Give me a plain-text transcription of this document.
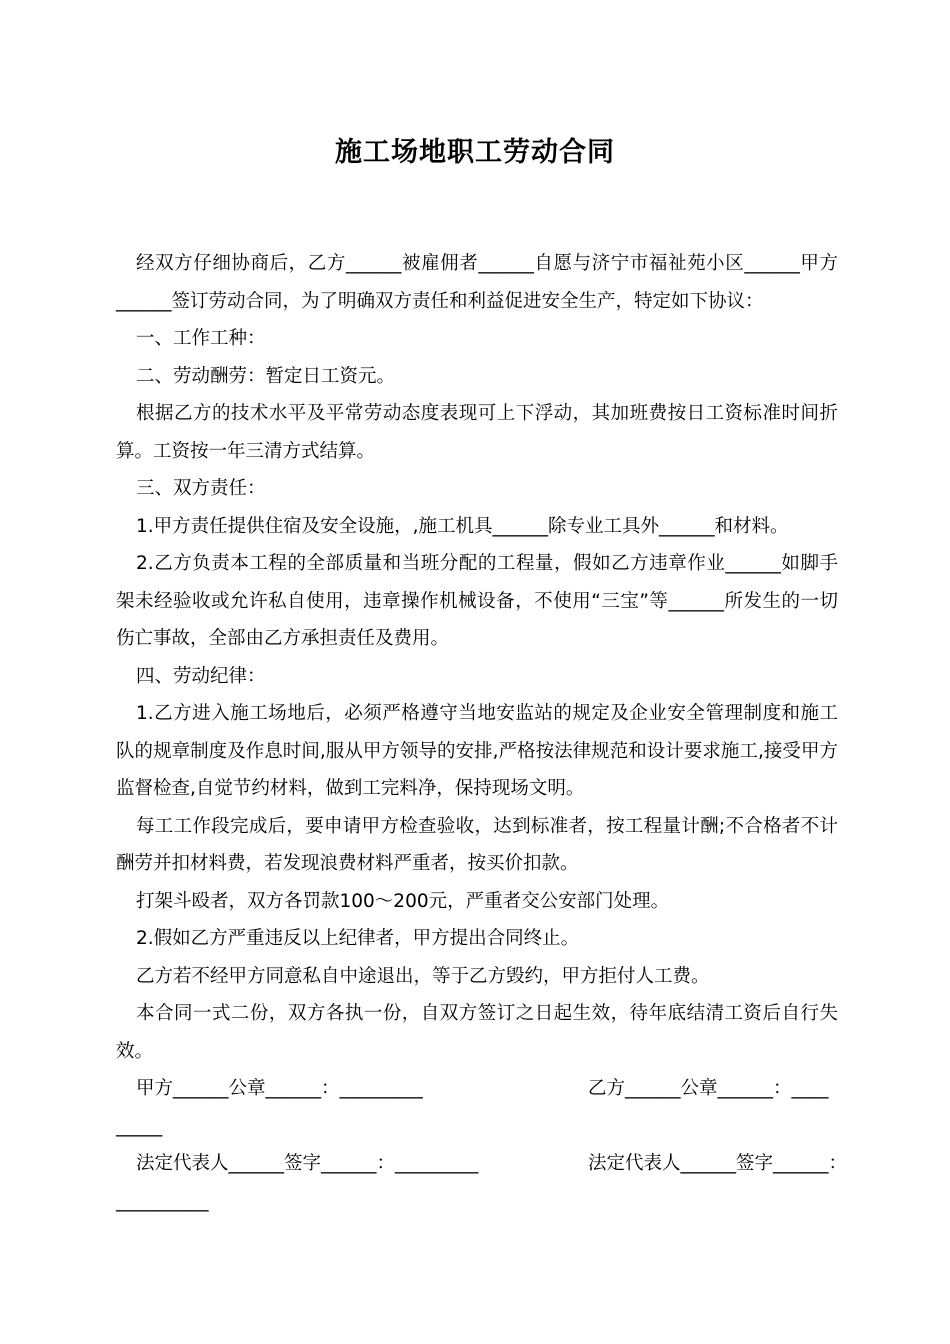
施工场地职工劳动合同

经双方仔细协商后，乙方______被雇佣者______自愿与济宁市福祉苑小区______甲方______签订劳动合同，为了明确双方责任和利益促进安全生产，特定如下协议：

一、工作工种：

二、劳动酬劳：暂定日工资元。

根据乙方的技术水平及平常劳动态度表现可上下浮动，其加班费按日工资标准时间折算。工资按一年三清方式结算。

三、双方责任：

1.甲方责任提供住宿及安全设施，,施工机具______除专业工具外______和材料。

2.乙方负责本工程的全部质量和当班分配的工程量，假如乙方违章作业______如脚手架未经验收或允许私自使用，违章操作机械设备，不使用“三宝”等______所发生的一切伤亡事故，全部由乙方承担责任及费用。

四、劳动纪律：

1.乙方进入施工场地后，必须严格遵守当地安监站的规定及企业安全管理制度和施工队的规章制度及作息时间,服从甲方领导的安排,严格按法律规范和设计要求施工,接受甲方监督检查,自觉节约材料，做到工完料净，保持现场文明。

每工工作段完成后，要申请甲方检查验收，达到标准者，按工程量计酬;不合格者不计酬劳并扣材料费，若发现浪费材料严重者，按买价扣款。

打架斗殴者，双方各罚款100～200元，严重者交公安部门处理。

2.假如乙方严重违反以上纪律者，甲方提出合同终止。

乙方若不经甲方同意私自中途退出，等于乙方毁约，甲方拒付人工费。

本合同一式二份，双方各执一份，自双方签订之日起生效，待年底结清工资后自行失效。

甲方______公章______：_________	乙方______公章______：____

_____

法定代表人______签字______：_________	法定代表人______签字______：

__________
